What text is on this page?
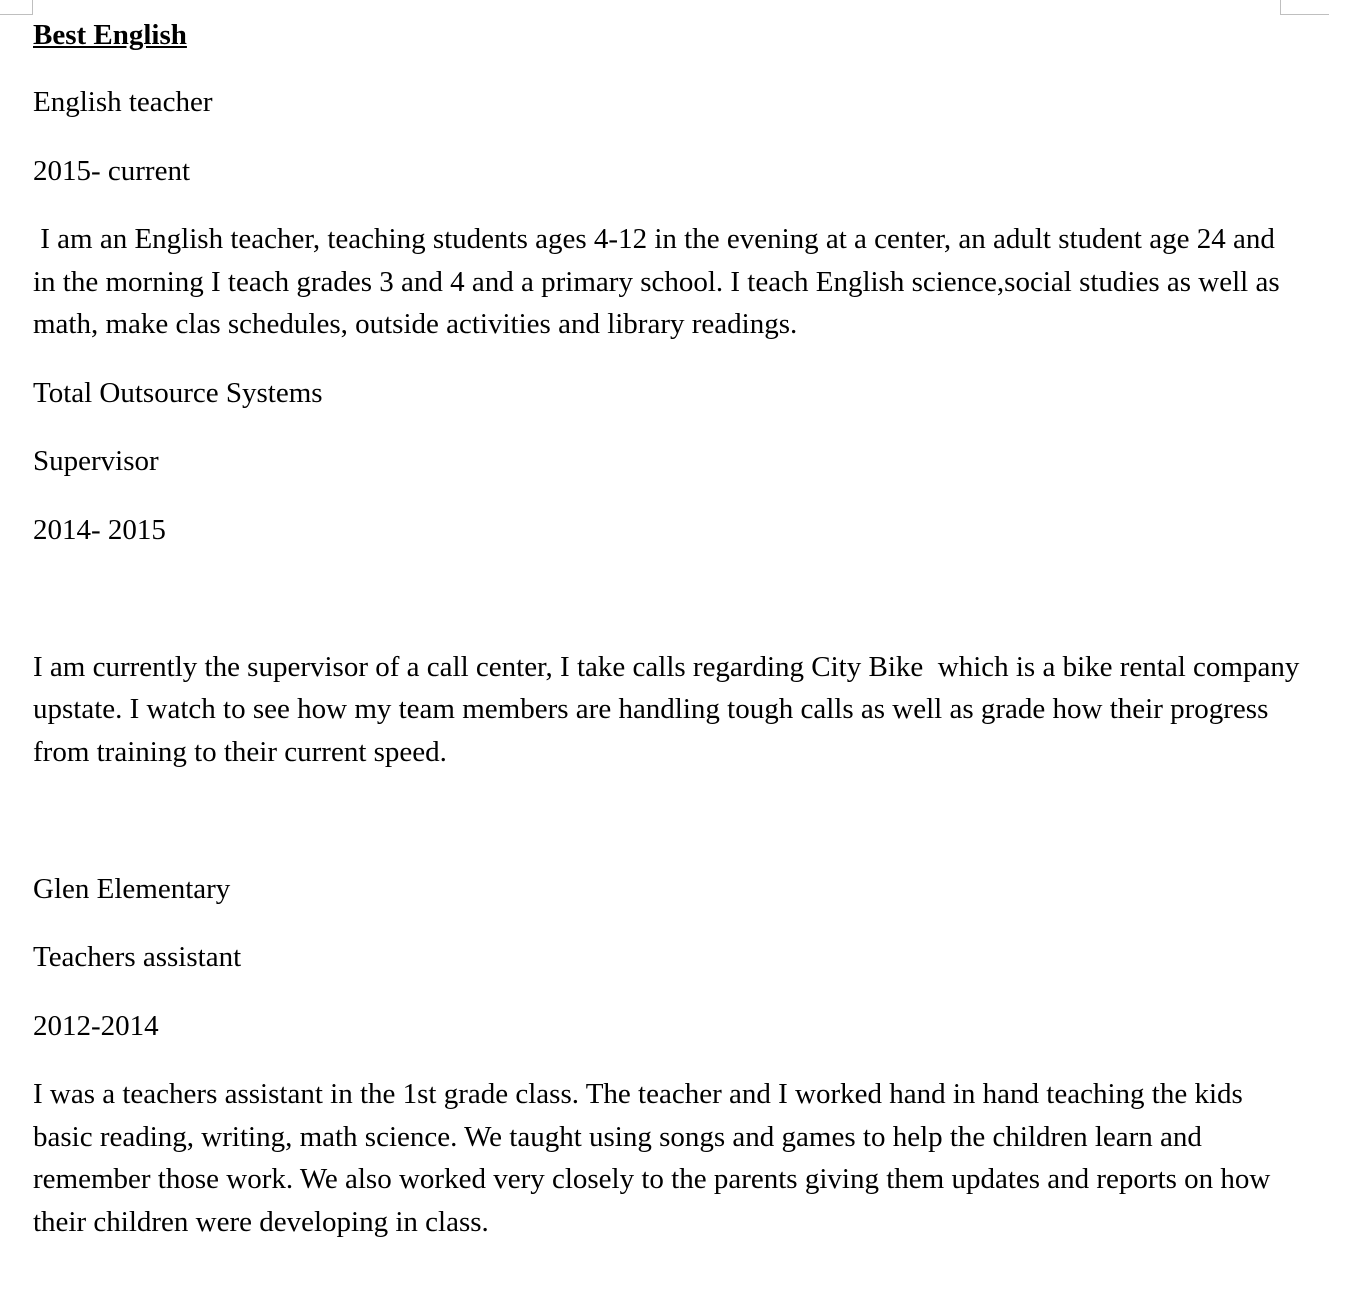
Best English

English teacher

2015- current

I am an English teacher, teaching students ages 4-12 in the evening at a center, an adult student age 24 and in the morning I teach grades 3 and 4 and a primary school. I teach English science,social studies as well as math, make clas schedules, outside activities and library readings.

Total Outsource Systems

Supervisor

2014- 2015

I am currently the supervisor of a call center, I take calls regarding City Bike  which is a bike rental company upstate. I watch to see how my team members are handling tough calls as well as grade how their progress from training to their current speed.

Glen Elementary

Teachers assistant

2012-2014

I was a teachers assistant in the 1st grade class. The teacher and I worked hand in hand teaching the kids basic reading, writing, math science. We taught using songs and games to help the children learn and remember those work. We also worked very closely to the parents giving them updates and reports on how their children were developing in class.
